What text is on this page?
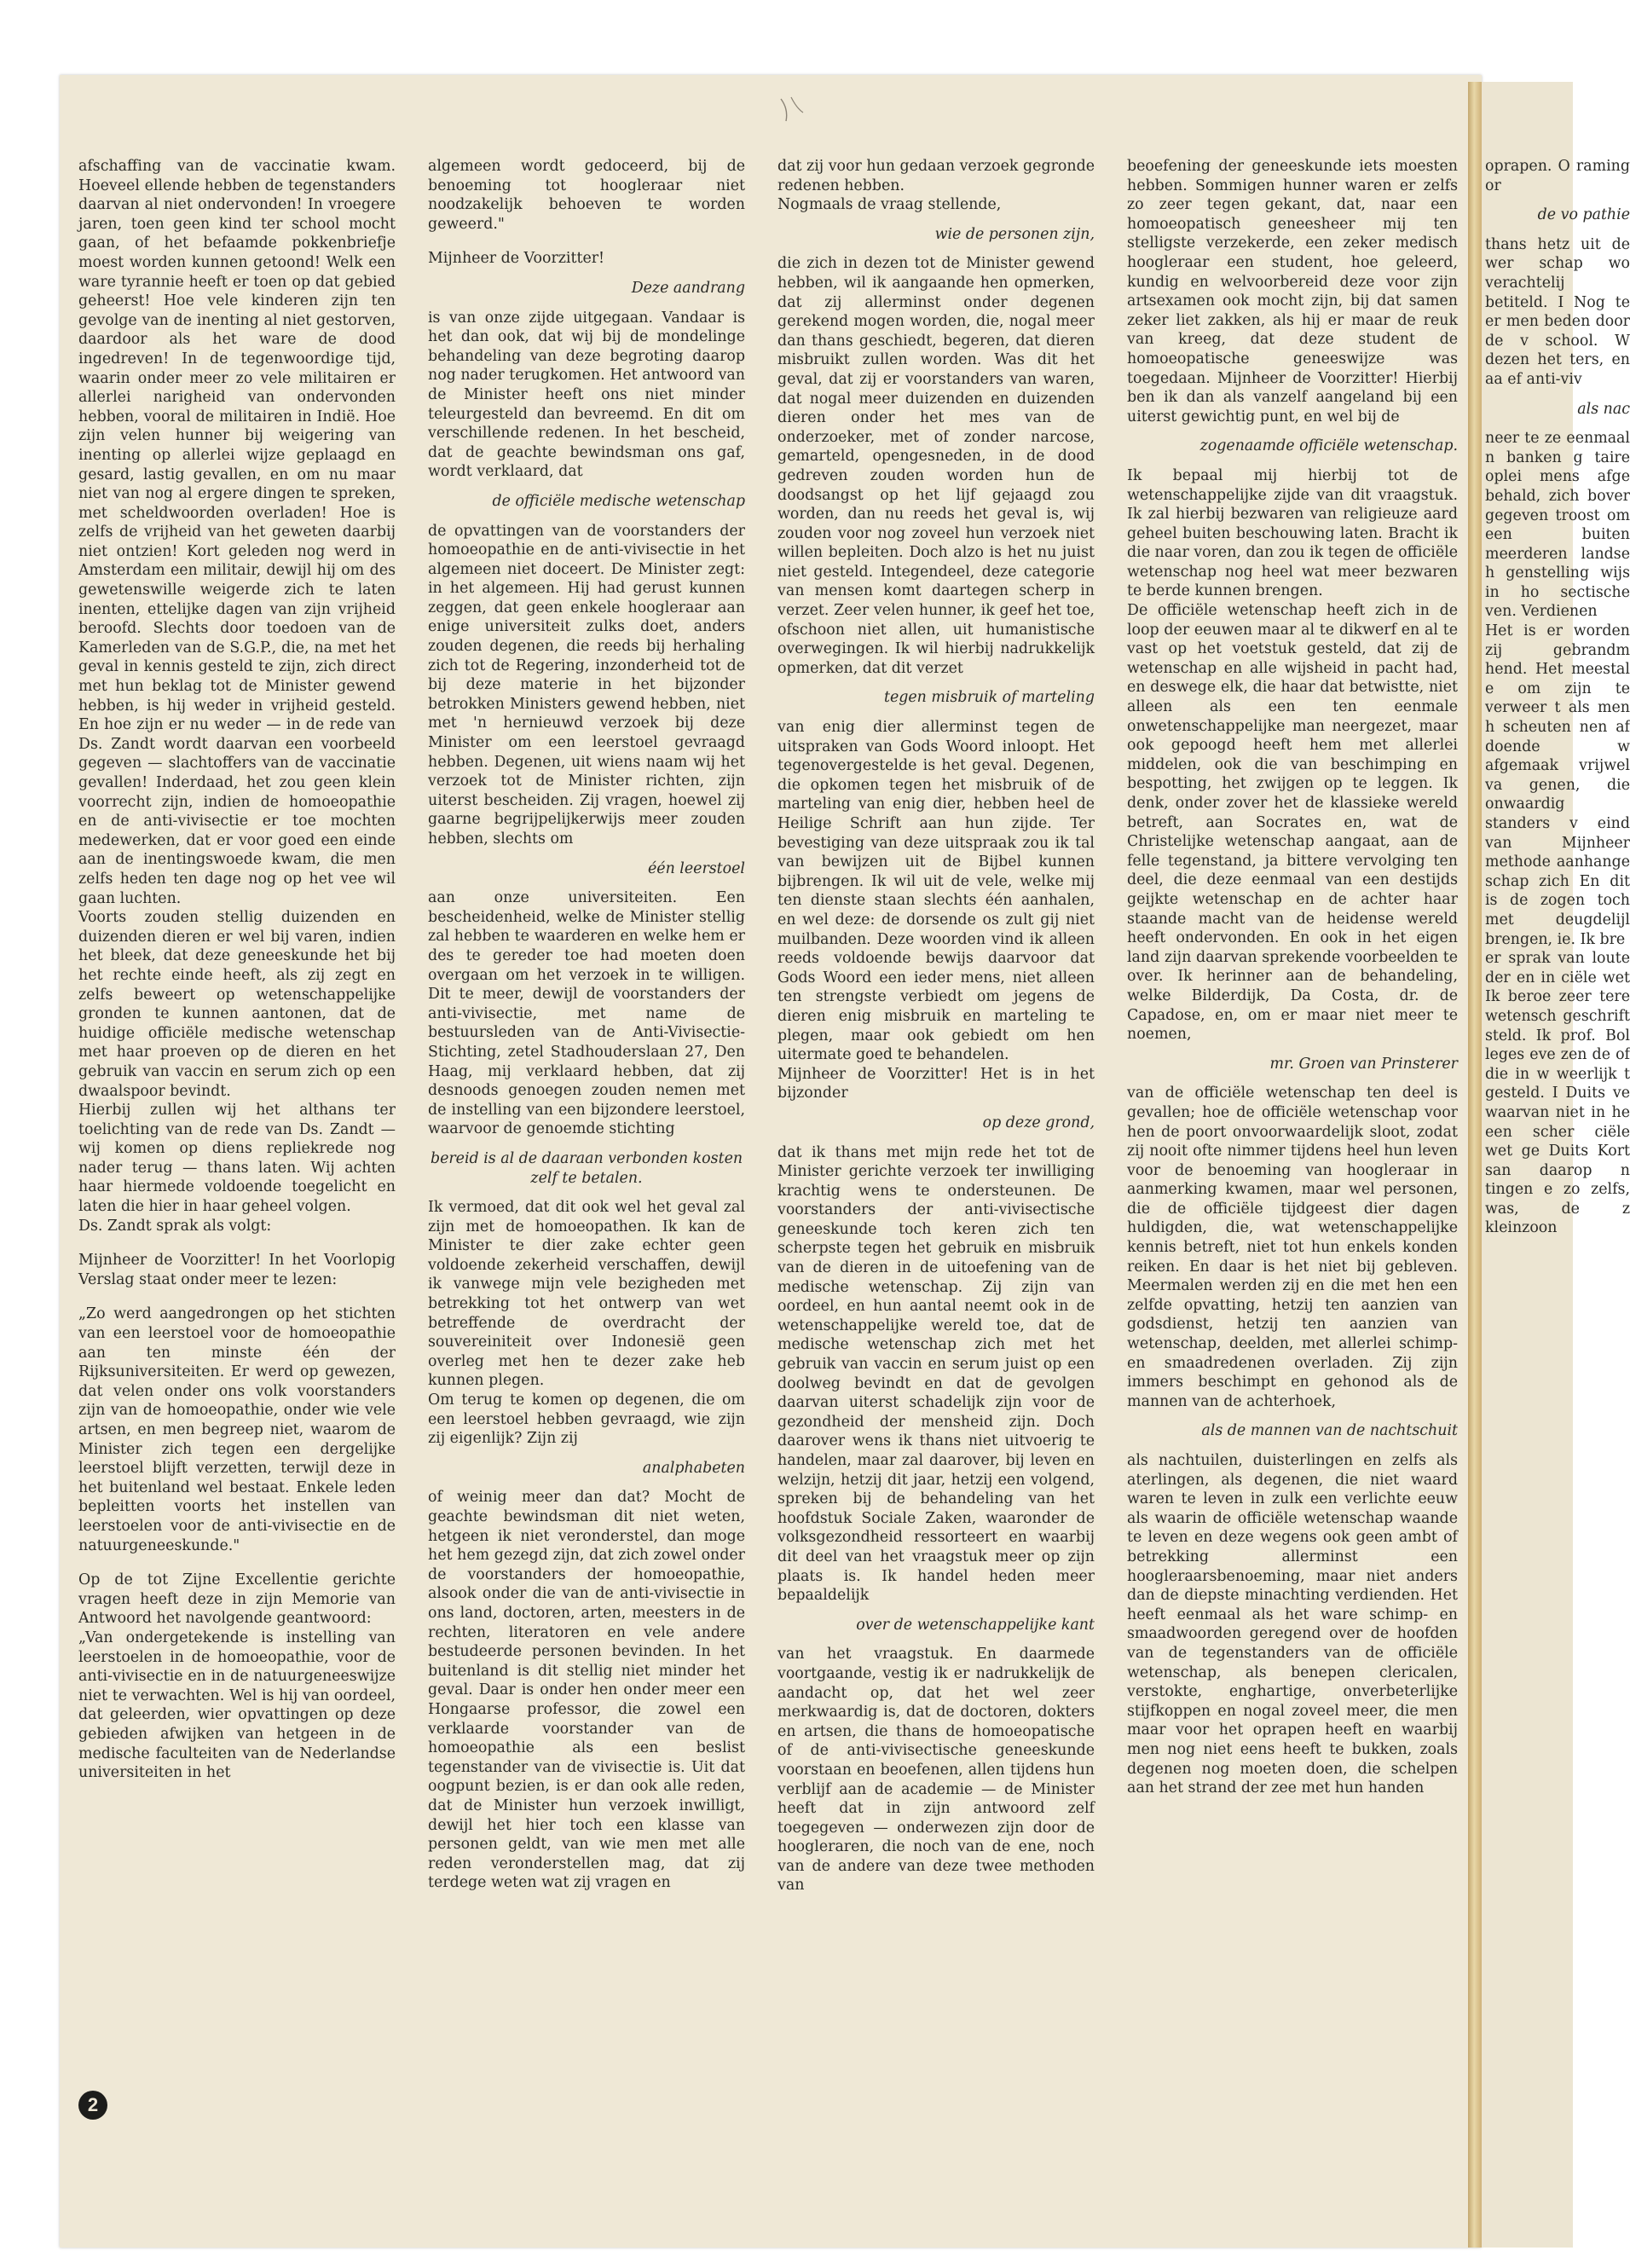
afschaffing van de vaccinatie kwam. Hoeveel ellende hebben de tegenstanders daarvan al niet ondervonden! In vroegere jaren, toen geen kind ter school mocht gaan, of het befaamde pokkenbriefje moest worden kunnen getoond! Welk een ware tyrannie heeft er toen op dat gebied geheerst! Hoe vele kinderen zijn ten gevolge van de inenting al niet gestorven, daardoor als het ware de dood ingedreven! In de tegenwoordige tijd, waarin onder meer zo vele militairen er allerlei narigheid van ondervonden hebben, vooral de militairen in Indië. Hoe zijn velen hunner bij weigering van inenting op allerlei wijze geplaagd en gesard, lastig gevallen, en om nu maar niet van nog al ergere dingen te spreken, met scheldwoorden overladen! Hoe is zelfs de vrijheid van het geweten daarbij niet ontzien! Kort geleden nog werd in Amsterdam een militair, dewijl hij om des gewetenswille weigerde zich te laten inenten, ettelijke dagen van zijn vrijheid beroofd. Slechts door toedoen van de Kamerleden van de S.G.P., die, na met het geval in kennis gesteld te zijn, zich direct met hun beklag tot de Minister gewend hebben, is hij weder in vrijheid gesteld. En hoe zijn er nu weder — in de rede van Ds. Zandt wordt daarvan een voorbeeld gegeven — slachtoffers van de vaccinatie gevallen! Inderdaad, het zou geen klein voorrecht zijn, indien de homoeopathie en de anti-vivisectie er toe mochten medewerken, dat er voor goed een einde aan de inentingswoede kwam, die men zelfs heden ten dage nog op het vee wil gaan luchten.

Voorts zouden stellig duizenden en duizenden dieren er wel bij varen, indien het bleek, dat deze geneeskunde het bij het rechte einde heeft, als zij zegt en zelfs beweert op wetenschappelijke gronden te kunnen aantonen, dat de huidige officiële medische wetenschap met haar proeven op de dieren en het gebruik van vaccin en serum zich op een dwaalspoor bevindt.

Hierbij zullen wij het althans ter toelichting van de rede van Ds. Zandt — wij komen op diens repliekrede nog nader terug — thans laten. Wij achten haar hiermede voldoende toegelicht en laten die hier in haar geheel volgen.

Ds. Zandt sprak als volgt:

Mijnheer de Voorzitter! In het Voorlopig Verslag staat onder meer te lezen:

„Zo werd aangedrongen op het stichten van een leerstoel voor de homoeopathie aan ten minste één der Rijksuniversiteiten. Er werd op gewezen, dat velen onder ons volk voorstanders zijn van de homoeopathie, onder wie vele artsen, en men begreep niet, waarom de Minister zich tegen een dergelijke leerstoel blijft verzetten, terwijl deze in het buitenland wel bestaat. Enkele leden bepleitten voorts het instellen van leerstoelen voor de anti-vivisectie en de natuurgeneeskunde."

Op de tot Zijne Excellentie gerichte vragen heeft deze in zijn Memorie van Antwoord het navolgende geantwoord:

„Van ondergetekende is instelling van leerstoelen in de homoeopathie, voor de anti-vivisectie en in de natuurgeneeswijze niet te verwachten. Wel is hij van oordeel, dat geleerden, wier opvattingen op deze gebieden afwijken van hetgeen in de medische faculteiten van de Nederlandse universiteiten in het

algemeen wordt gedoceerd, bij de benoeming tot hoogleraar niet noodzakelijk behoeven te worden geweerd."

Mijnheer de Voorzitter!

Deze aandrang

is van onze zijde uitgegaan. Vandaar is het dan ook, dat wij bij de mondelinge behandeling van deze begroting daarop nog nader terugkomen. Het antwoord van de Minister heeft ons niet minder teleurgesteld dan bevreemd. En dit om verschillende redenen. In het bescheid, dat de geachte bewindsman ons gaf, wordt verklaard, dat

de officiële medische wetenschap

de opvattingen van de voorstanders der homoeopathie en de anti-vivisectie in het algemeen niet doceert. De Minister zegt: in het algemeen. Hij had gerust kunnen zeggen, dat geen enkele hoogleraar aan enige universiteit zulks doet, anders zouden degenen, die reeds bij herhaling zich tot de Regering, inzonderheid tot de bij deze materie in het bijzonder betrokken Ministers gewend hebben, niet met 'n hernieuwd verzoek bij deze Minister om een leerstoel gevraagd hebben. Degenen, uit wiens naam wij het verzoek tot de Minister richten, zijn uiterst bescheiden. Zij vragen, hoewel zij gaarne begrijpelijkerwijs meer zouden hebben, slechts om

één leerstoel

aan onze universiteiten. Een bescheidenheid, welke de Minister stellig zal hebben te waarderen en welke hem er des te gereder toe had moeten doen overgaan om het verzoek in te willigen. Dit te meer, dewijl de voorstanders der anti-vivisectie, met name de bestuursleden van de Anti-Vivisectie-Stichting, zetel Stadhouderslaan 27, Den Haag, mij verklaard hebben, dat zij desnoods genoegen zouden nemen met de instelling van een bijzondere leerstoel, waarvoor de genoemde stichting

bereid is al de daaraan verbonden kosten zelf te betalen.

Ik vermoed, dat dit ook wel het geval zal zijn met de homoeopathen. Ik kan de Minister te dier zake echter geen voldoende zekerheid verschaffen, dewijl ik vanwege mijn vele bezigheden met betrekking tot het ontwerp van wet betreffende de overdracht der souvereiniteit over Indonesië geen overleg met hen te dezer zake heb kunnen plegen.

Om terug te komen op degenen, die om een leerstoel hebben gevraagd, wie zijn zij eigenlijk? Zijn zij

analphabeten

of weinig meer dan dat? Mocht de geachte bewindsman dit niet weten, hetgeen ik niet veronderstel, dan moge het hem gezegd zijn, dat zich zowel onder de voorstanders der homoeopathie, alsook onder die van de anti-vivisectie in ons land, doctoren, arten, meesters in de rechten, literatoren en vele andere bestudeerde personen bevinden. In het buitenland is dit stellig niet minder het geval. Daar is onder hen onder meer een Hongaarse professor, die zowel een verklaarde voorstander van de homoeopathie als een beslist tegenstander van de vivisectie is. Uit dat oogpunt bezien, is er dan ook alle reden, dat de Minister hun verzoek inwilligt, dewijl het hier toch een klasse van personen geldt, van wie men met alle reden veronderstellen mag, dat zij terdege weten wat zij vragen en

dat zij voor hun gedaan verzoek gegronde redenen hebben.

Nogmaals de vraag stellende,

wie de personen zijn,

die zich in dezen tot de Minister gewend hebben, wil ik aangaande hen opmerken, dat zij allerminst onder degenen gerekend mogen worden, die, nogal meer dan thans geschiedt, begeren, dat dieren misbruikt zullen worden. Was dit het geval, dat zij er voorstanders van waren, dat nogal meer duizenden en duizenden dieren onder het mes van de onderzoeker, met of zonder narcose, gemarteld, opengesneden, in de dood gedreven zouden worden hun de doodsangst op het lijf gejaagd zou worden, dan nu reeds het geval is, wij zouden voor nog zoveel hun verzoek niet willen bepleiten. Doch alzo is het nu juist niet gesteld. Integendeel, deze categorie van mensen komt daartegen scherp in verzet. Zeer velen hunner, ik geef het toe, ofschoon niet allen, uit humanistische overwegingen. Ik wil hierbij nadrukkelijk opmerken, dat dit verzet

tegen misbruik of marteling

van enig dier allerminst tegen de uitspraken van Gods Woord inloopt. Het tegenovergestelde is het geval. Degenen, die opkomen tegen het misbruik of de marteling van enig dier, hebben heel de Heilige Schrift aan hun zijde. Ter bevestiging van deze uitspraak zou ik tal van bewijzen uit de Bijbel kunnen bijbrengen. Ik wil uit de vele, welke mij ten dienste staan slechts één aanhalen, en wel deze: de dorsende os zult gij niet muilbanden. Deze woorden vind ik alleen reeds voldoende bewijs daarvoor dat Gods Woord een ieder mens, niet alleen ten strengste verbiedt om jegens de dieren enig misbruik en marteling te plegen, maar ook gebiedt om hen uitermate goed te behandelen.

Mijnheer de Voorzitter! Het is in het bijzonder

op deze grond,

dat ik thans met mijn rede het tot de Minister gerichte verzoek ter inwilliging krachtig wens te ondersteunen. De voorstanders der anti-vivisectische geneeskunde toch keren zich ten scherpste tegen het gebruik en misbruik van de dieren in de uitoefening van de medische wetenschap. Zij zijn van oordeel, en hun aantal neemt ook in de wetenschappelijke wereld toe, dat de medische wetenschap zich met het gebruik van vaccin en serum juist op een doolweg bevindt en dat de gevolgen daarvan uiterst schadelijk zijn voor de gezondheid der mensheid zijn. Doch daarover wens ik thans niet uitvoerig te handelen, maar zal daarover, bij leven en welzijn, hetzij dit jaar, hetzij een volgend, spreken bij de behandeling van het hoofdstuk Sociale Zaken, waaronder de volksgezondheid ressorteert en waarbij dit deel van het vraagstuk meer op zijn plaats is. Ik handel heden meer bepaaldelijk

over de wetenschappelijke kant

van het vraagstuk. En daarmede voortgaande, vestig ik er nadrukkelijk de aandacht op, dat het wel zeer merkwaardig is, dat de doctoren, dokters en artsen, die thans de homoeopatische of de anti-vivisectische geneeskunde voorstaan en beoefenen, allen tijdens hun verblijf aan de academie — de Minister heeft dat in zijn antwoord zelf toegegeven — onderwezen zijn door de hoogleraren, die noch van de ene, noch van de andere van deze twee methoden van

beoefening der geneeskunde iets moesten hebben. Sommigen hunner waren er zelfs zo zeer tegen gekant, dat, naar een homoeopatisch geneesheer mij ten stelligste verzekerde, een zeker medisch hoogleraar een student, hoe geleerd, kundig en welvoorbereid deze voor zijn artsexamen ook mocht zijn, bij dat samen zeker liet zakken, als hij er maar de reuk van kreeg, dat deze student de homoeopatische geneeswijze was toegedaan. Mijnheer de Voorzitter! Hierbij ben ik dan als vanzelf aangeland bij een uiterst gewichtig punt, en wel bij de

zogenaamde officiële wetenschap.

Ik bepaal mij hierbij tot de wetenschappelijke zijde van dit vraagstuk. Ik zal hierbij bezwaren van religieuze aard geheel buiten beschouwing laten. Bracht ik die naar voren, dan zou ik tegen de officiële wetenschap nog heel wat meer bezwaren te berde kunnen brengen.

De officiële wetenschap heeft zich in de loop der eeuwen maar al te dikwerf en al te vast op het voetstuk gesteld, dat zij de wetenschap en alle wijsheid in pacht had, en deswege elk, die haar dat betwistte, niet alleen als een ten eenmale onwetenschappelijke man neergezet, maar ook gepoogd heeft hem met allerlei middelen, ook die van beschimping en bespotting, het zwijgen op te leggen. Ik denk, onder zover het de klassieke wereld betreft, aan Socrates en, wat de Christelijke wetenschap aangaat, aan de felle tegenstand, ja bittere vervolging ten deel, die deze eenmaal van een destijds geijkte wetenschap en de achter haar staande macht van de heidense wereld heeft ondervonden. En ook in het eigen land zijn daarvan sprekende voorbeelden te over. Ik herinner aan de behandeling, welke Bilderdijk, Da Costa, dr. de Capadose, en, om er maar niet meer te noemen,

mr. Groen van Prinsterer

van de officiële wetenschap ten deel is gevallen; hoe de officiële wetenschap voor hen de poort onvoorwaardelijk sloot, zodat zij nooit ofte nimmer tijdens heel hun leven voor de benoeming van hoogleraar in aanmerking kwamen, maar wel personen, die de officiële tijdgeest dier dagen huldigden, die, wat wetenschappelijke kennis betreft, niet tot hun enkels konden reiken. En daar is het niet bij gebleven. Meermalen werden zij en die met hen een zelfde opvatting, hetzij ten aanzien van godsdienst, hetzij ten aanzien van wetenschap, deelden, met allerlei schimp- en smaadredenen overladen. Zij zijn immers beschimpt en gehonod als de mannen van de achterhoek,

als de mannen van de nachtschuit

als nachtuilen, duisterlingen en zelfs als aterlingen, als degenen, die niet waard waren te leven in zulk een verlichte eeuw als waarin de officiële wetenschap waande te leven en deze wegens ook geen ambt of betrekking allerminst een hoogleraarsbenoeming, maar niet anders dan de diepste minachting verdienden. Het heeft eenmaal als het ware schimp- en smaadwoorden geregend over de hoofden van de tegenstanders van de officiële wetenschap, als benepen clericalen, verstokte, enghartige, onverbeterlijke stijfkoppen en nogal zoveel meer, die men maar voor het oprapen heeft en waarbij men nog niet eens heeft te bukken, zoals degenen nog moeten doen, die schelpen aan het strand der zee met hun handen

oprapen. O raming or

de vo pathie

thans hetz uit de wer schap wo verachtelij betiteld. I Nog te er men beden door de v school. W dezen het ters, en aa ef anti-viv

als nac

neer te ze eenmaal n banken g taire oplei mens afge behald, zich bover gegeven troost om een buiten meerderen landse h genstelling wijs in ho sectische ven. Verdienen

Het is er worden zij gebrandm hend. Het meestal e om zijn te verweer t als men h scheuten nen af doende w afgemaak vrijwel va genen, die onwaardig standers v eind van Mijnheer methode aanhange schap zich En dit is de zogen toch met deugdelijl brengen, ie. Ik bre

er sprak van loute der en in ciële wet Ik beroe zeer tere wetensch geschrift steld. Ik prof. Bol leges eve zen de of die in w weerlijk t gesteld. I Duits ve waarvan niet in he een scher ciële wet ge Duits Kort san daarop n tingen e zo zelfs, was, de z kleinzoon

2
